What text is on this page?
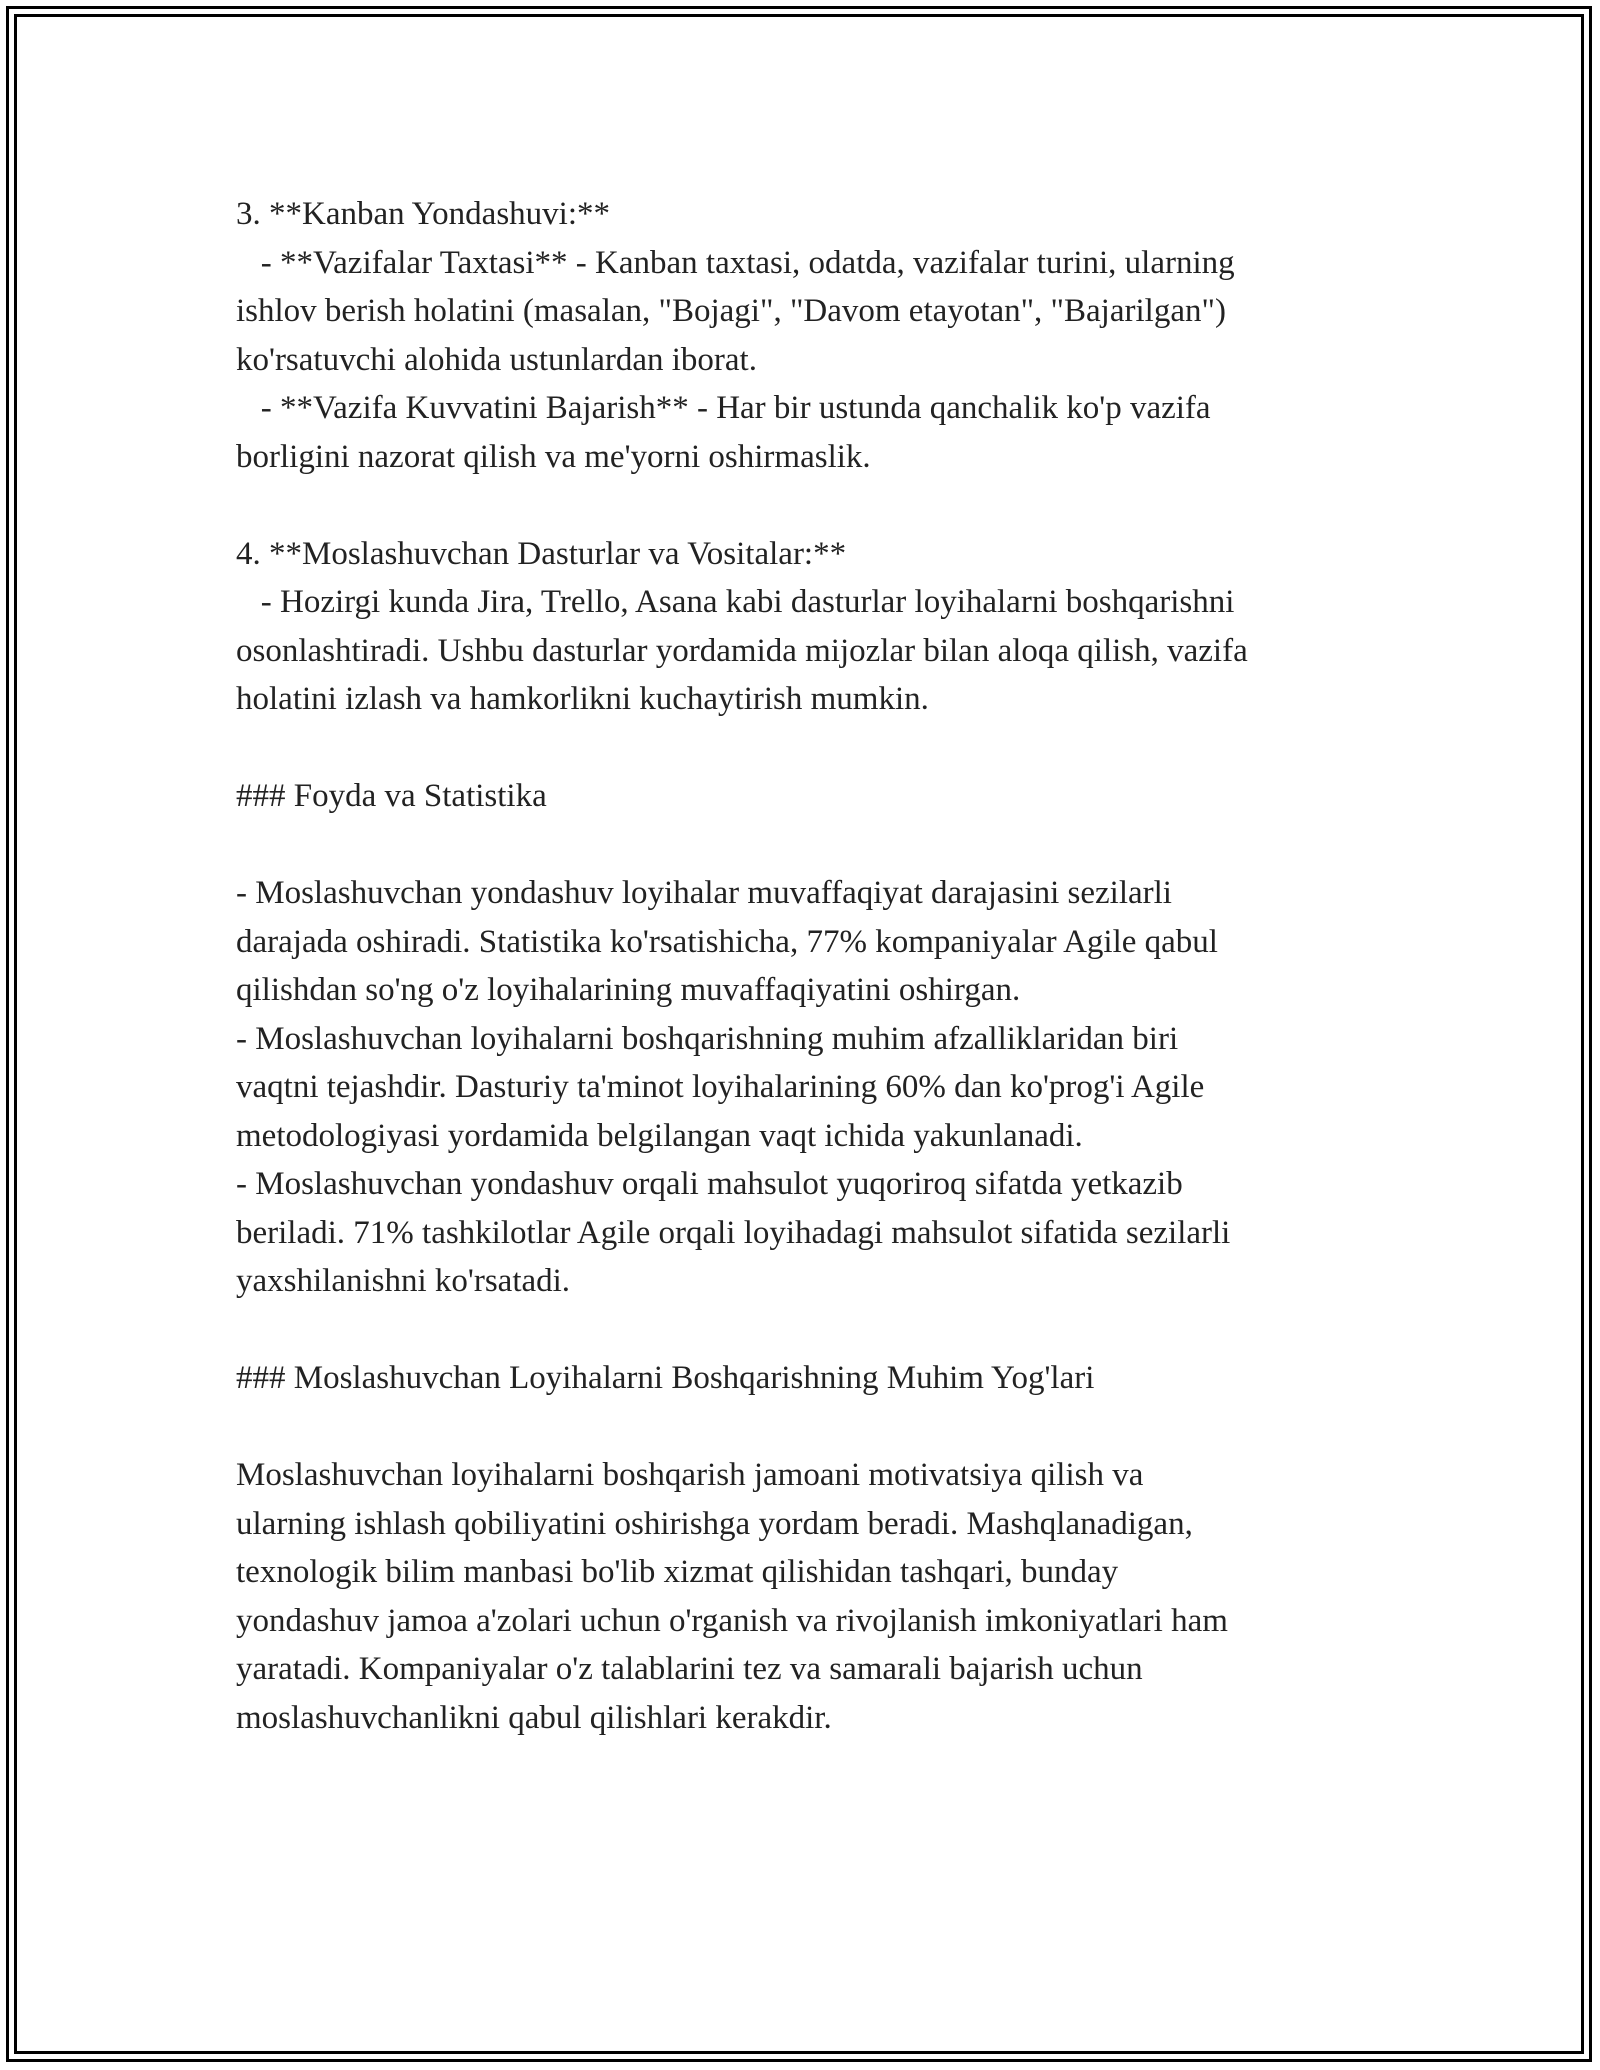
3. **Kanban Yondashuvi:**
- **Vazifalar Taxtasi** - Kanban taxtasi, odatda, vazifalar turini, ularning
ishlov berish holatini (masalan, "Bojagi", "Davom etayotan", "Bajarilgan")
ko'rsatuvchi alohida ustunlardan iborat.
- **Vazifa Kuvvatini Bajarish** - Har bir ustunda qanchalik ko'p vazifa
borligini nazorat qilish va me'yorni oshirmaslik.
4. **Moslashuvchan Dasturlar va Vositalar:**
- Hozirgi kunda Jira, Trello, Asana kabi dasturlar loyihalarni boshqarishni
osonlashtiradi. Ushbu dasturlar yordamida mijozlar bilan aloqa qilish, vazifa
holatini izlash va hamkorlikni kuchaytirish mumkin.
### Foyda va Statistika
- Moslashuvchan yondashuv loyihalar muvaffaqiyat darajasini sezilarli
darajada oshiradi. Statistika ko'rsatishicha, 77% kompaniyalar Agile qabul
qilishdan so'ng o'z loyihalarining muvaffaqiyatini oshirgan.
- Moslashuvchan loyihalarni boshqarishning muhim afzalliklaridan biri
vaqtni tejashdir. Dasturiy ta'minot loyihalarining 60% dan ko'prog'i Agile
metodologiyasi yordamida belgilangan vaqt ichida yakunlanadi.
- Moslashuvchan yondashuv orqali mahsulot yuqoriroq sifatda yetkazib
beriladi. 71% tashkilotlar Agile orqali loyihadagi mahsulot sifatida sezilarli
yaxshilanishni ko'rsatadi.
### Moslashuvchan Loyihalarni Boshqarishning Muhim Yog'lari
Moslashuvchan loyihalarni boshqarish jamoani motivatsiya qilish va
ularning ishlash qobiliyatini oshirishga yordam beradi. Mashqlanadigan,
texnologik bilim manbasi bo'lib xizmat qilishidan tashqari, bunday
yondashuv jamoa a'zolari uchun o'rganish va rivojlanish imkoniyatlari ham
yaratadi. Kompaniyalar o'z talablarini tez va samarali bajarish uchun
moslashuvchanlikni qabul qilishlari kerakdir.
